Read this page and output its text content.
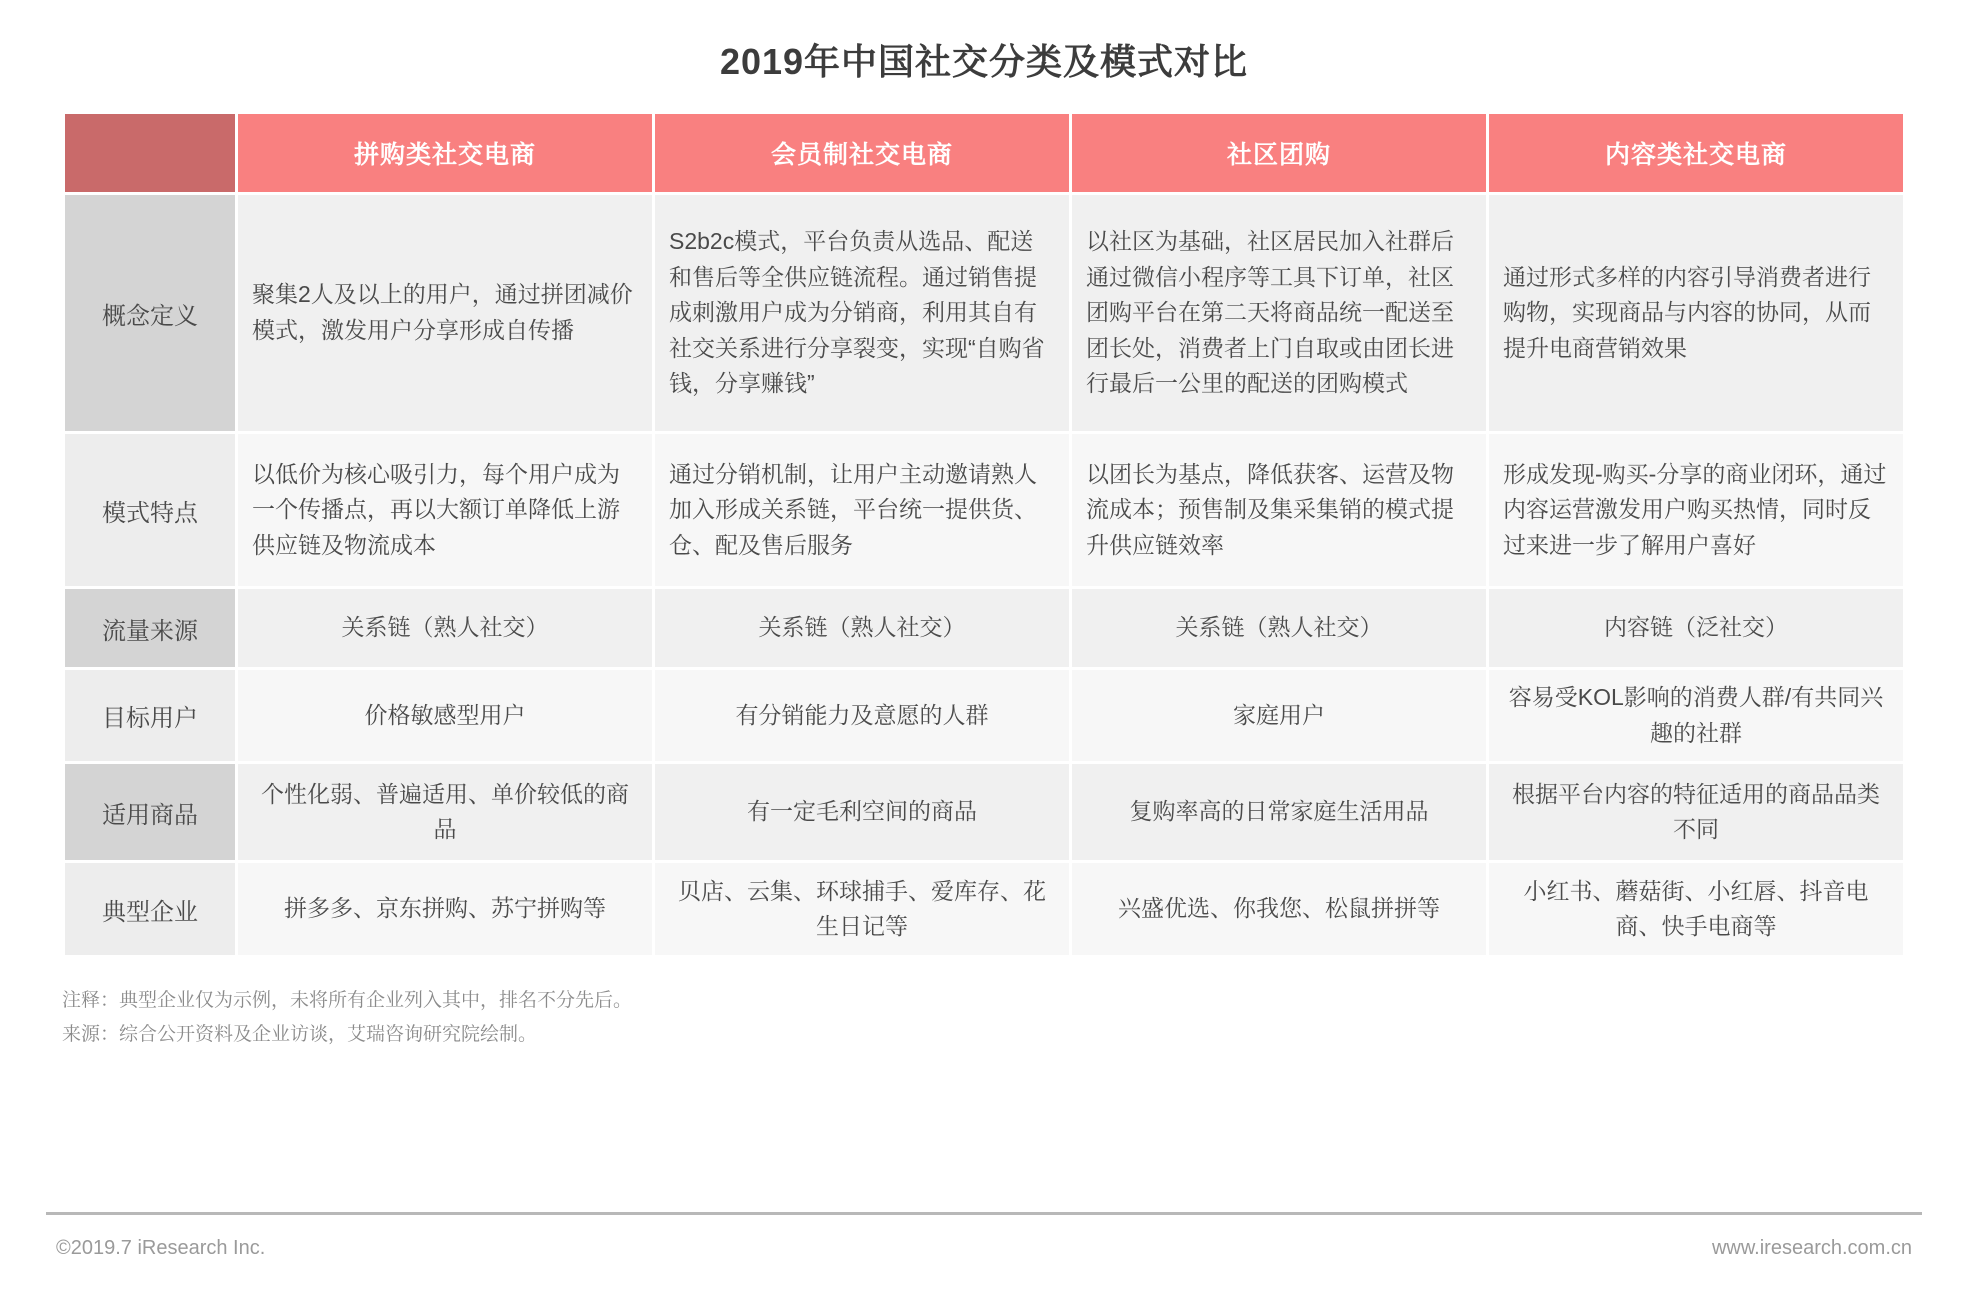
2019年中国社交分类及模式对比
	拼购类社交电商	会员制社交电商	社区团购	内容类社交电商
概念定义	聚集2人及以上的用户，通过拼团减价模式，激发用户分享形成自传播	S2b2c模式，平台负责从选品、配送和售后等全供应链流程。通过销售提成刺激用户成为分销商，利用其自有社交关系进行分享裂变，实现“自购省钱，分享赚钱”	以社区为基础，社区居民加入社群后通过微信小程序等工具下订单，社区团购平台在第二天将商品统一配送至团长处，消费者上门自取或由团长进行最后一公里的配送的团购模式	通过形式多样的内容引导消费者进行购物，实现商品与内容的协同，从而提升电商营销效果
模式特点	以低价为核心吸引力，每个用户成为一个传播点，再以大额订单降低上游供应链及物流成本	通过分销机制，让用户主动邀请熟人加入形成关系链，平台统一提供货、仓、配及售后服务	以团长为基点，降低获客、运营及物流成本；预售制及集采集销的模式提升供应链效率	形成发现-购买-分享的商业闭环，通过内容运营激发用户购买热情，同时反过来进一步了解用户喜好
流量来源	关系链（熟人社交）	关系链（熟人社交）	关系链（熟人社交）	内容链（泛社交）
目标用户	价格敏感型用户	有分销能力及意愿的人群	家庭用户	容易受KOL影响的消费人群/有共同兴趣的社群
适用商品	个性化弱、普遍适用、单价较低的商品	有一定毛利空间的商品	复购率高的日常家庭生活用品	根据平台内容的特征适用的商品品类不同
典型企业	拼多多、京东拼购、苏宁拼购等	贝店、云集、环球捕手、爱库存、花生日记等	兴盛优选、你我您、松鼠拼拼等	小红书、蘑菇街、小红唇、抖音电商、快手电商等
注释：典型企业仅为示例，未将所有企业列入其中，排名不分先后。
来源：综合公开资料及企业访谈，艾瑞咨询研究院绘制。
©2019.7 iResearch Inc.	www.iresearch.com.cn
